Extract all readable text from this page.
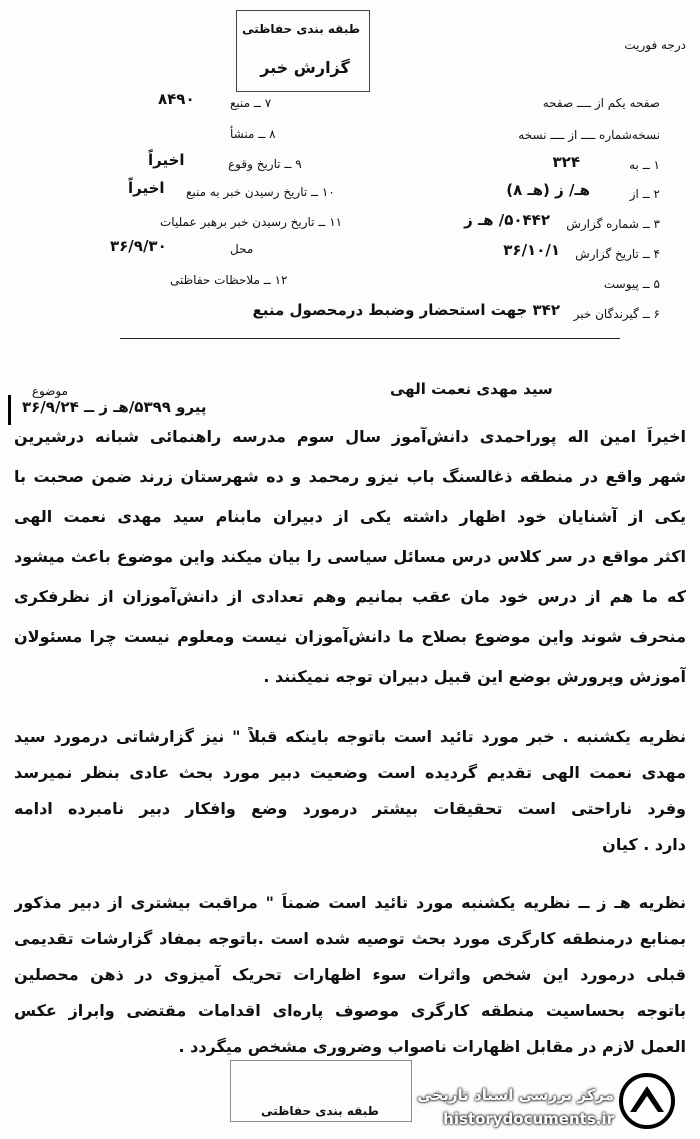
طبقه بندی حفاظتی
گزارش خبر
درجه فوریت
صفحه یکم از ــــ صفحه
نسخه‌شماره ــــ از ــــ نسخه
۱ ــ به
۳۲۴
۲ ــ از
هـ/ ز (هـ ۸)
۳ ــ شماره گزارش
۵۰۴۴۲/ هـ ز
۴ ــ تاریخ گزارش
۳۶/۱۰/۱
۵ ــ پیوست
۶ ــ گیرندگان خبر
۳۴۲ جهت استحضار وضبط درمحصول منبع
۷ ــ منبع
۸۴۹۰
۸ ــ منشأ
۹ ــ تاریخ وقوع
اخیراً
۱۰ ــ تاریخ رسیدن خبر به منبع
اخیراً
۱۱ ــ تاریخ رسیدن خبر برهبر عملیات
محل
۳۶/۹/۳۰
۱۲ ــ ملاحظات حفاظتی
موضوع	سید مهدی نعمت الهی
پیرو ۵۳۹۹/هـ ز ــ ۳۶/۹/۲۴
اخیراً امین اله پوراحمدی دانش‌آموز سال سوم مدرسه راهنمائی شبانه درشیرین
شهر واقع در منطقه ذغالسنگ باب نیزو رمحمد و ده شهرستان زرند ضمن صحبت با
یکی از آشنایان خود اظهار داشته یکی از دبیران مابنام سید مهدی نعمت الهی
اکثر مواقع در سر کلاس درس مسائل سیاسی را بیان میکند واین موضوع باعث میشود
که ما هم از درس خود مان عقب بمانیم وهم تعدادی از دانش‌آموزان از نظرفکری
منحرف شوند واین موضوع بصلاح ما دانش‌آموزان نیست ومعلوم نیست چرا مسئولان
آموزش وپرورش بوضع این قبیل دبیران توجه نمیکنند .
نظریه یکشنبه . خبر مورد تائید است باتوجه باینکه قبلاً " نیز گزارشاتی درمورد سید
مهدی نعمت الهی تقدیم گردیده است وضعیت دبیر مورد بحث عادی بنظر نمیرسد
وفرد ناراحتی است تحقیقات بیشتر درمورد وضع وافکار دبیر نامبرده ادامه
دارد . کیان
نظریه هـ ز ــ نظریه یکشنبه مورد تائید است ضمناً " مراقبت بیشتری از دبیر مذکور
بمنابع درمنطقه کارگری مورد بحث توصیه شده است .باتوجه بمفاد گزارشات تقدیمی
قبلی درمورد این شخص واثرات سوء اظهارات تحریک آمیزوی در ذهن محصلین
باتوجه بحساسیت منطقه کارگری موصوف پاره‌ای اقدامات مقتضی وابراز عکس
العمل لازم در مقابل اظهارات ناصواب وضروری مشخص میگردد .
طبقه بندی حفاظتی
مرکز بررسی اسناد تاریخی
historydocuments.ir
